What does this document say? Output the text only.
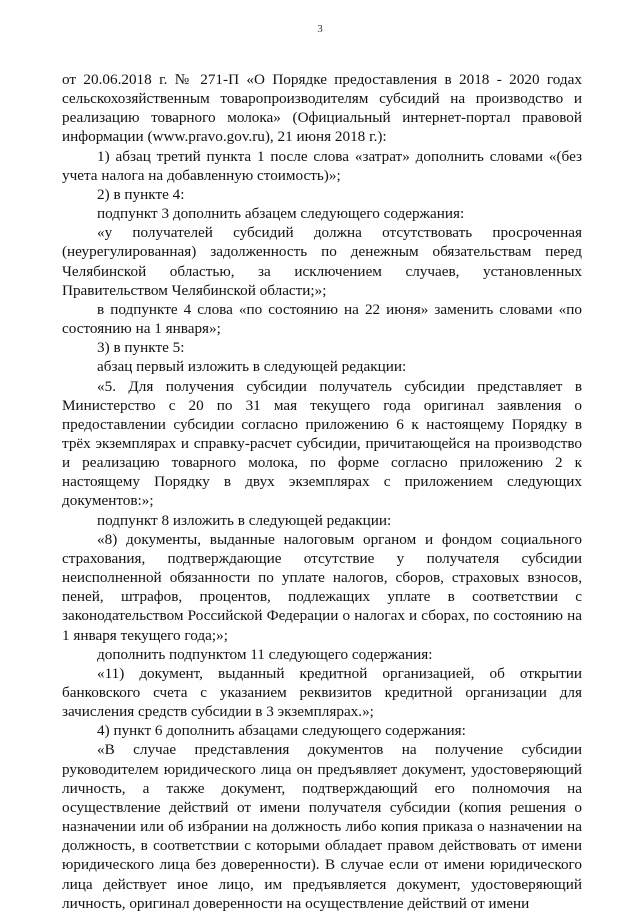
3

от 20.06.2018 г. № 271-П «О Порядке предоставления в 2018 - 2020 годах сельскохозяйственным товаропроизводителям субсидий на производство и реализацию товарного молока» (Официальный интернет-портал правовой информации (www.pravo.gov.ru), 21 июня 2018 г.):

1) абзац третий пункта 1 после слова «затрат» дополнить словами «(без учета налога на добавленную стоимость)»;

2) в пункте 4:

подпункт 3 дополнить абзацем следующего содержания:

«у получателей субсидий должна отсутствовать просроченная (неурегулированная) задолженность по денежным обязательствам перед Челябинской областью, за исключением случаев, установленных Правительством Челябинской области;»;

в подпункте 4 слова «по состоянию на 22 июня» заменить словами «по состоянию на 1 января»;

3) в пункте 5:

абзац первый изложить в следующей редакции:

«5. Для получения субсидии получатель субсидии представляет в Министерство с 20 по 31 мая текущего года оригинал заявления о предоставлении субсидии согласно приложению 6 к настоящему Порядку в трёх экземплярах и справку-расчет субсидии, причитающейся на производство и реализацию товарного молока, по форме согласно приложению 2 к настоящему Порядку в двух экземплярах с приложением следующих документов:»;

подпункт 8 изложить в следующей редакции:

«8) документы, выданные налоговым органом и фондом социального страхования, подтверждающие отсутствие у получателя субсидии неисполненной обязанности по уплате налогов, сборов, страховых взносов, пеней, штрафов, процентов, подлежащих уплате в соответствии с законодательством Российской Федерации о налогах и сборах, по состоянию на 1 января текущего года;»;

дополнить подпунктом 11 следующего содержания:

«11) документ, выданный кредитной организацией, об открытии банковского счета с указанием реквизитов кредитной организации для зачисления средств субсидии в 3 экземплярах.»;

4) пункт 6 дополнить абзацами следующего содержания:

«В случае представления документов на получение субсидии руководителем юридического лица он предъявляет документ, удостоверяющий личность, а также документ, подтверждающий его полномочия на осуществление действий от имени получателя субсидии (копия решения о назначении или об избрании на должность либо копия приказа о назначении на должность, в соответствии с которыми обладает правом действовать от имени юридического лица без доверенности). В случае если от имени юридического лица действует иное лицо, им предъявляется документ, удостоверяющий личность, оригинал доверенности на осуществление действий от имени
